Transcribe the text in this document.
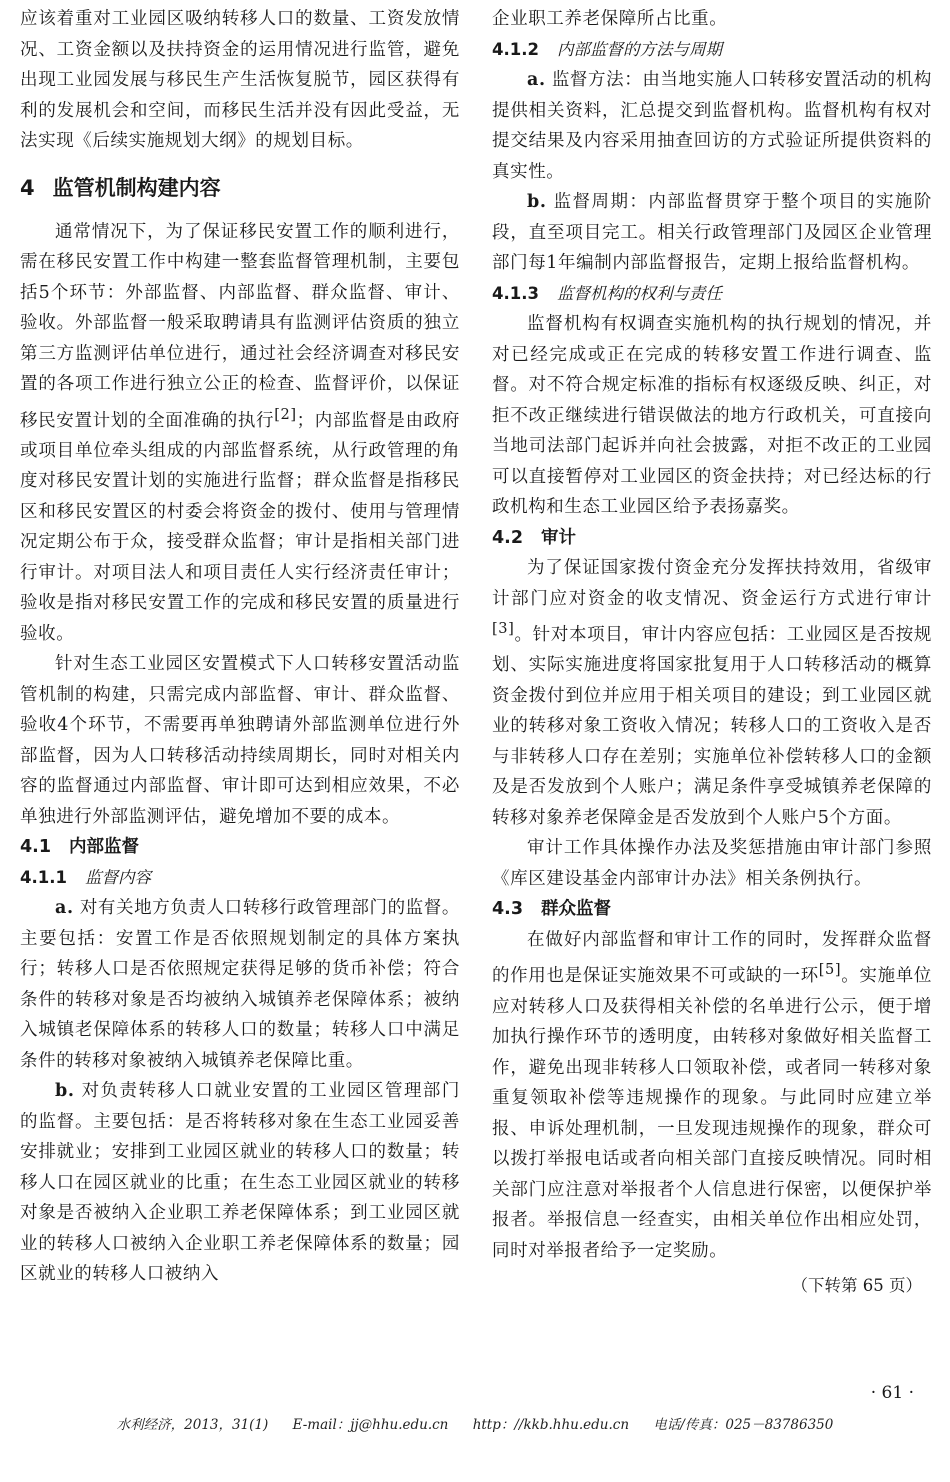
应该着重对工业园区吸纳转移人口的数量、工资发放情况、工资金额以及扶持资金的运用情况进行监管，避免出现工业园发展与移民生产生活恢复脱节，园区获得有利的发展机会和空间，而移民生活并没有因此受益，无法实现《后续实施规划大纲》的规划目标。

4 监管机制构建内容

通常情况下，为了保证移民安置工作的顺利进行，需在移民安置工作中构建一整套监督管理机制，主要包括5个环节：外部监督、内部监督、群众监督、审计、验收。外部监督一般采取聘请具有监测评估资质的独立第三方监测评估单位进行，通过社会经济调查对移民安置的各项工作进行独立公正的检查、监督评价，以保证移民安置计划的全面准确的执行[2]；内部监督是由政府或项目单位牵头组成的内部监督系统，从行政管理的角度对移民安置计划的实施进行监督；群众监督是指移民区和移民安置区的村委会将资金的拨付、使用与管理情况定期公布于众，接受群众监督；审计是指相关部门进行审计。对项目法人和项目责任人实行经济责任审计；验收是指对移民安置工作的完成和移民安置的质量进行验收。

针对生态工业园区安置模式下人口转移安置活动监管机制的构建，只需完成内部监督、审计、群众监督、验收4个环节，不需要再单独聘请外部监测单位进行外部监督，因为人口转移活动持续周期长，同时对相关内容的监督通过内部监督、审计即可达到相应效果，不必单独进行外部监测评估，避免增加不要的成本。

4.1 内部监督
4.1.1 监督内容

a. 对有关地方负责人口转移行政管理部门的监督。主要包括：安置工作是否依照规划制定的具体方案执行；转移人口是否依照规定获得足够的货币补偿；符合条件的转移对象是否均被纳入城镇养老保障体系；被纳入城镇老保障体系的转移人口的数量；转移人口中满足条件的转移对象被纳入城镇养老保障比重。

b. 对负责转移人口就业安置的工业园区管理部门的监督。主要包括：是否将转移对象在生态工业园妥善安排就业；安排到工业园区就业的转移人口的数量；转移人口在园区就业的比重；在生态工业园区就业的转移对象是否被纳入企业职工养老保障体系；到工业园区就业的转移人口被纳入企业职工养老保障体系的数量；园区就业的转移人口被纳入

企业职工养老保障所占比重。

4.1.2 内部监督的方法与周期

a. 监督方法：由当地实施人口转移安置活动的机构提供相关资料，汇总提交到监督机构。监督机构有权对提交结果及内容采用抽查回访的方式验证所提供资料的真实性。

b. 监督周期：内部监督贯穿于整个项目的实施阶段，直至项目完工。相关行政管理部门及园区企业管理部门每1年编制内部监督报告，定期上报给监督机构。

4.1.3 监督机构的权利与责任

监督机构有权调查实施机构的执行规划的情况，并对已经完成或正在完成的转移安置工作进行调查、监督。对不符合规定标准的指标有权逐级反映、纠正，对拒不改正继续进行错误做法的地方行政机关，可直接向当地司法部门起诉并向社会披露，对拒不改正的工业园可以直接暂停对工业园区的资金扶持；对已经达标的行政机构和生态工业园区给予表扬嘉奖。

4.2 审计

为了保证国家拨付资金充分发挥扶持效用，省级审计部门应对资金的收支情况、资金运行方式进行审计[3]。针对本项目，审计内容应包括：工业园区是否按规划、实际实施进度将国家批复用于人口转移活动的概算资金拨付到位并应用于相关项目的建设；到工业园区就业的转移对象工资收入情况；转移人口的工资收入是否与非转移人口存在差别；实施单位补偿转移人口的金额及是否发放到个人账户；满足条件享受城镇养老保障的转移对象养老保障金是否发放到个人账户5个方面。

审计工作具体操作办法及奖惩措施由审计部门参照《库区建设基金内部审计办法》相关条例执行。

4.3 群众监督

在做好内部监督和审计工作的同时，发挥群众监督的作用也是保证实施效果不可或缺的一环[5]。实施单位应对转移人口及获得相关补偿的名单进行公示，便于增加执行操作环节的透明度，由转移对象做好相关监督工作，避免出现非转移人口领取补偿，或者同一转移对象重复领取补偿等违规操作的现象。与此同时应建立举报、申诉处理机制，一旦发现违规操作的现象，群众可以拨打举报电话或者向相关部门直接反映情况。同时相关部门应注意对举报者个人信息进行保密，以便保护举报者。举报信息一经查实，由相关单位作出相应处罚，同时对举报者给予一定奖励。

（下转第 65 页）
· 61 ·
水利经济，2013，31(1) E-mail：jj@hhu.edu.cn http：//kkb.hhu.edu.cn 电话/传真：025－83786350
